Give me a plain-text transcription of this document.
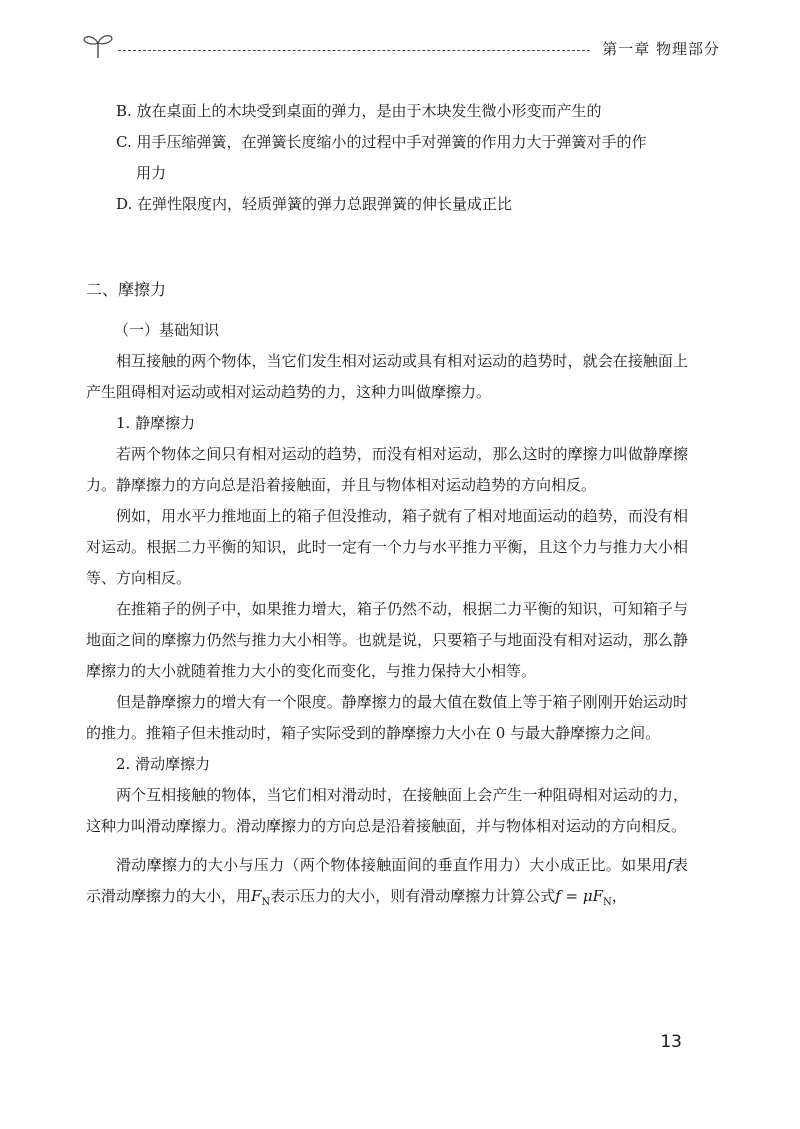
第一章 物理部分

B. 放在桌面上的木块受到桌面的弹力，是由于木块发生微小形变而产生的

C. 用手压缩弹簧，在弹簧长度缩小的过程中手对弹簧的作用力大于弹簧对手的作

用力

D. 在弹性限度内，轻质弹簧的弹力总跟弹簧的伸长量成正比

二、摩擦力

（一）基础知识

相互接触的两个物体，当它们发生相对运动或具有相对运动的趋势时，就会在接触面上产生阻碍相对运动或相对运动趋势的力，这种力叫做摩擦力。

1. 静摩擦力

若两个物体之间只有相对运动的趋势，而没有相对运动，那么这时的摩擦力叫做静摩擦力。静摩擦力的方向总是沿着接触面，并且与物体相对运动趋势的方向相反。

例如，用水平力推地面上的箱子但没推动，箱子就有了相对地面运动的趋势，而没有相对运动。根据二力平衡的知识，此时一定有一个力与水平推力平衡，且这个力与推力大小相等、方向相反。

在推箱子的例子中，如果推力增大，箱子仍然不动，根据二力平衡的知识，可知箱子与地面之间的摩擦力仍然与推力大小相等。也就是说，只要箱子与地面没有相对运动，那么静摩擦力的大小就随着推力大小的变化而变化，与推力保持大小相等。

但是静摩擦力的增大有一个限度。静摩擦力的最大值在数值上等于箱子刚刚开始运动时的推力。推箱子但未推动时，箱子实际受到的静摩擦力大小在 0 与最大静摩擦力之间。

2. 滑动摩擦力

两个互相接触的物体，当它们相对滑动时，在接触面上会产生一种阻碍相对运动的力，这种力叫滑动摩擦力。滑动摩擦力的方向总是沿着接触面，并与物体相对运动的方向相反。

滑动摩擦力的大小与压力（两个物体接触面间的垂直作用力）大小成正比。如果用f表示滑动摩擦力的大小，用$F_N$表示压力的大小，则有滑动摩擦力计算公式$f = \mu F_N$，

13
